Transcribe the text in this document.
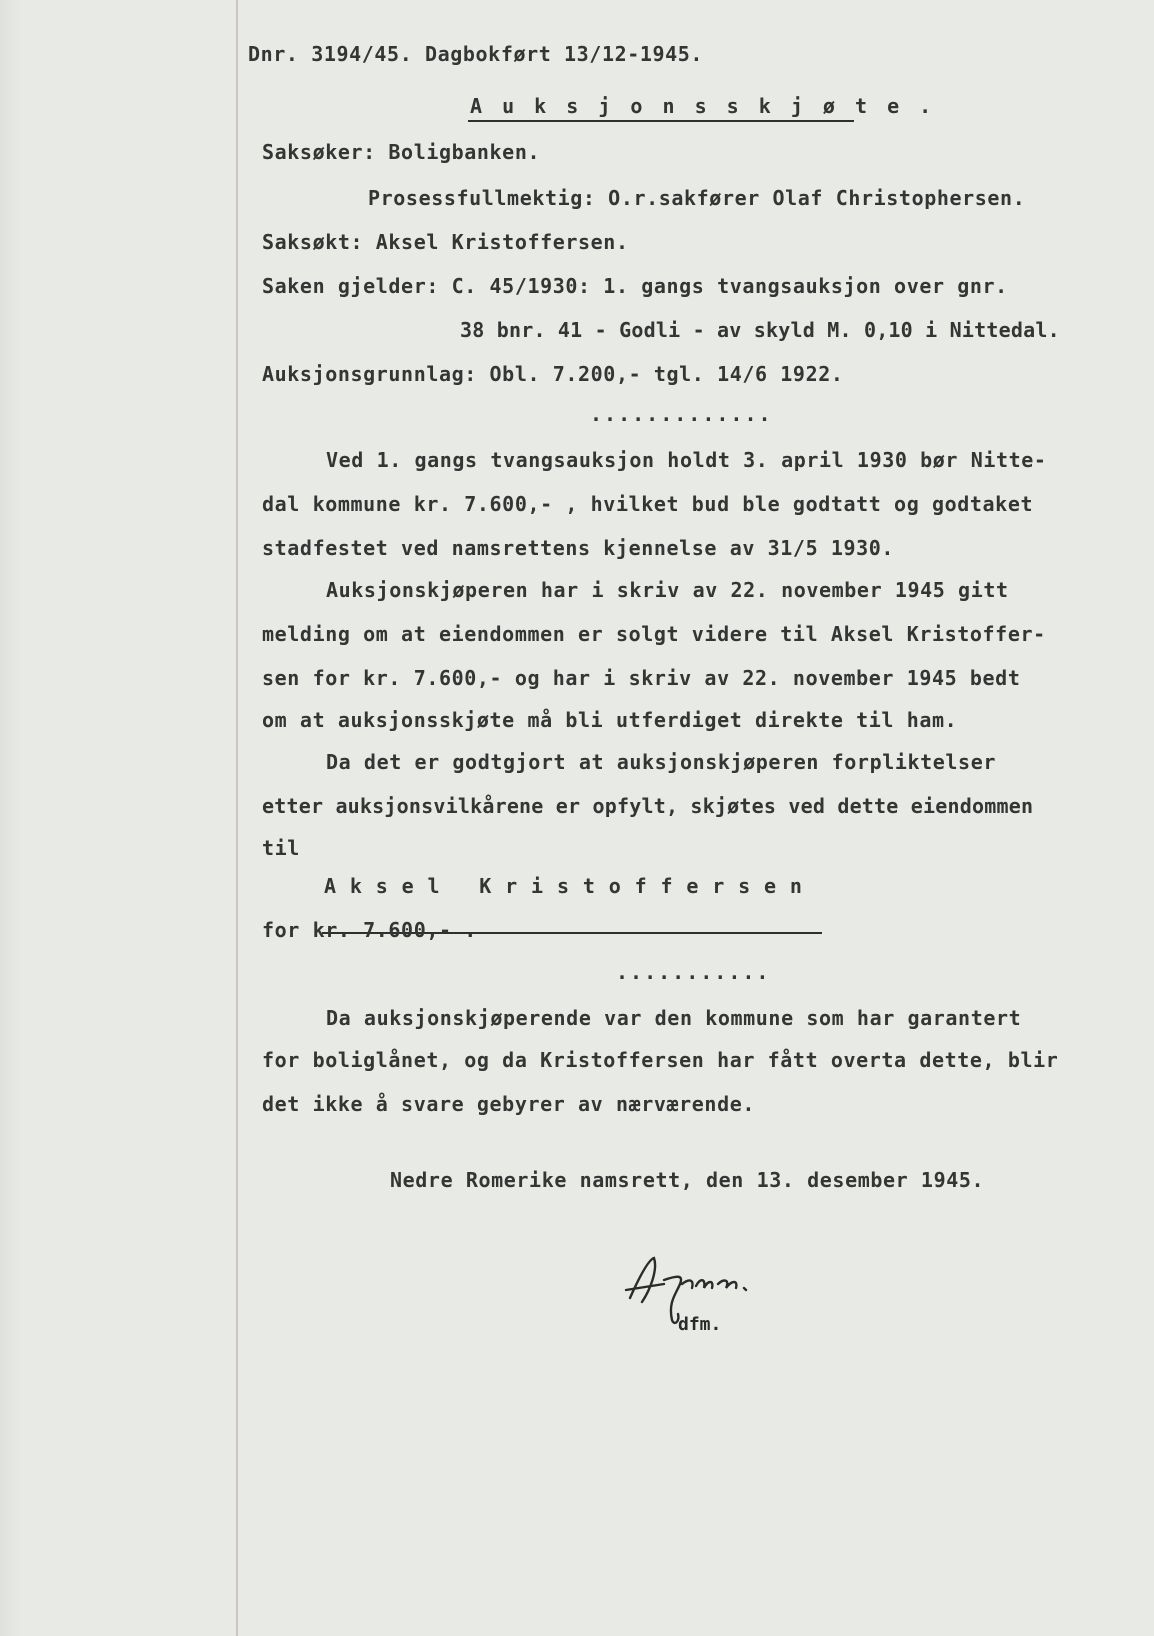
Dnr. 3194/45. Dagbokført 13/12-1945.
A u k s j o n s s k j ø t e .
Saksøker: Boligbanken.
Prosessfullmektig: O.r.sakfører Olaf Christophersen.
Saksøkt: Aksel Kristoffersen.
Saken gjelder: C. 45/1930: 1. gangs tvangsauksjon over gnr.
38 bnr. 41 - Godli - av skyld M. 0,10 i Nittedal.
Auksjonsgrunnlag: Obl. 7.200,- tgl. 14/6 1922.
.............
Ved 1. gangs tvangsauksjon holdt 3. april 1930 bør Nitte-
dal kommune kr. 7.600,- , hvilket bud ble godtatt og godtaket
stadfestet ved namsrettens kjennelse av 31/5 1930.
Auksjonskjøperen har i skriv av 22. november 1945 gitt
melding om at eiendommen er solgt videre til Aksel Kristoffer-
sen for kr. 7.600,- og har i skriv av 22. november 1945 bedt
om at auksjonsskjøte må bli utferdiget direkte til ham.
Da det er godtgjort at auksjonskjøperen forpliktelser
etter auksjonsvilkårene er opfylt, skjøtes ved dette eiendommen
til
A k s e l   K r i s t o f f e r s e n
for kr. 7.600,- .
...........
Da auksjonskjøperende var den kommune som har garantert
for boliglånet, og da Kristoffersen har fått overta dette, blir
det ikke å svare gebyrer av nærværende.
Nedre Romerike namsrett, den 13. desember 1945.
dfm.
